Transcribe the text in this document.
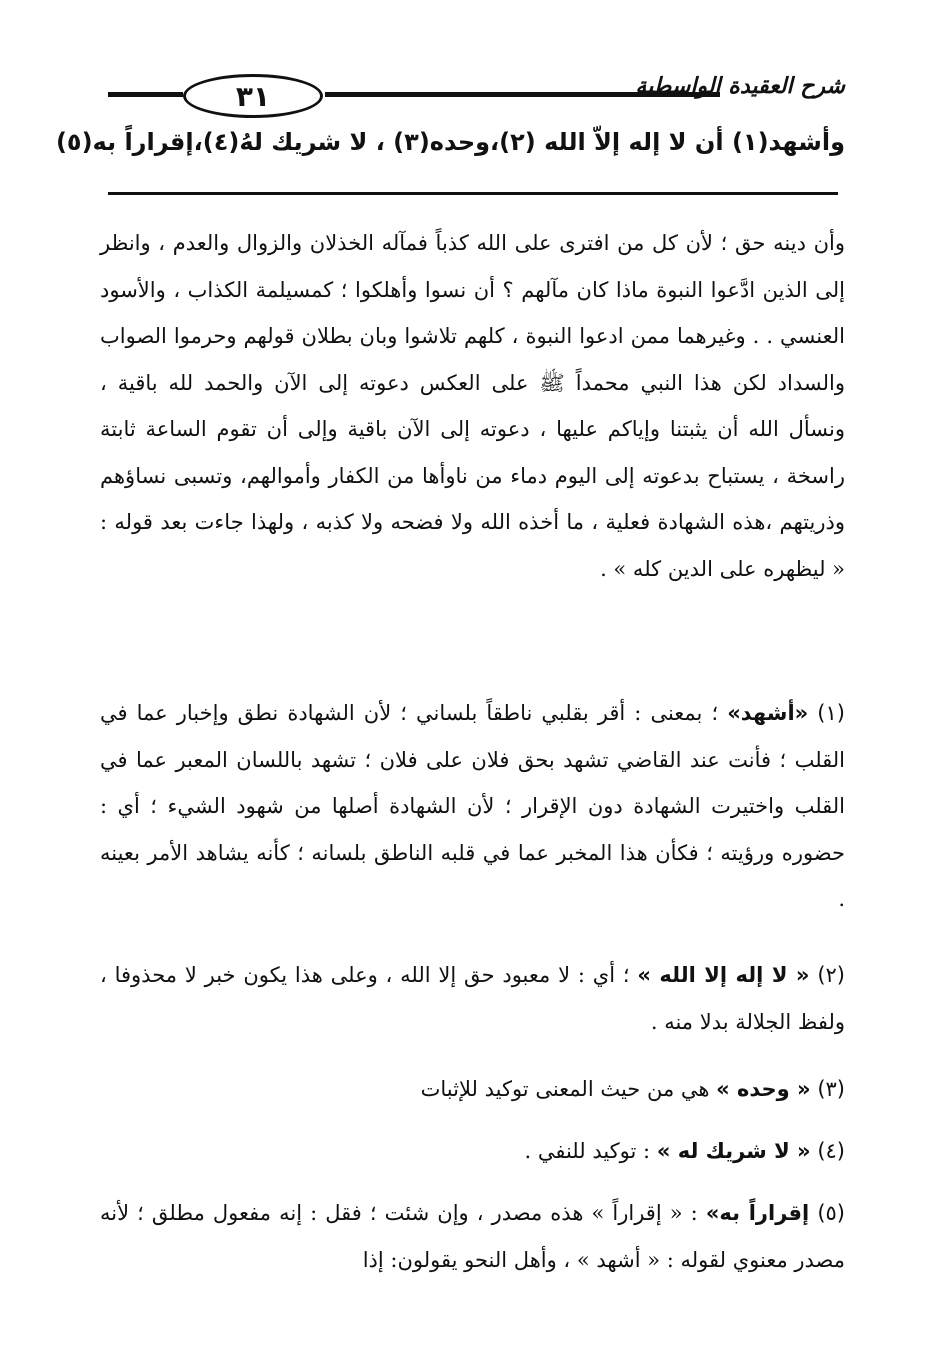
٣١	شرح العقيدة الواسطية
وأشهد(١) أن لا إله إلاّ الله (٢)،وحده(٣) ، لا شريك لهُ(٤)،إقراراً به(٥)
وأن دينه حق ؛ لأن كل من افترى على الله كذباً فمآله الخذلان والزوال والعدم ، وانظر إلى الذين ادَّعوا النبوة ماذا كان مآلهم ؟ أن نسوا وأهلكوا ؛ كمسيلمة الكذاب ، والأسود العنسي . . وغيرهما ممن ادعوا النبوة ، كلهم تلاشوا وبان بطلان قولهم وحرموا الصواب والسداد لكن هذا النبي محمداً ﷺ على العكس دعوته إلى الآن والحمد لله باقية ، ونسأل الله أن يثبتنا وإياكم عليها ، دعوته إلى الآن باقية وإلى أن تقوم الساعة ثابتة راسخة ، يستباح بدعوته إلى اليوم دماء من ناوأها من الكفار وأموالهم، وتسبى نساؤهم وذريتهم ،هذه الشهادة فعلية ، ما أخذه الله ولا فضحه ولا كذبه ، ولهذا جاءت بعد قوله : « ليظهره على الدين كله » .
(١) «أشهد» ؛ بمعنى : أقر بقلبي ناطقاً بلساني ؛ لأن الشهادة نطق وإخبار عما في القلب ؛ فأنت عند القاضي تشهد بحق فلان على فلان ؛ تشهد باللسان المعبر عما في القلب واختيرت الشهادة دون الإقرار ؛ لأن الشهادة أصلها من شهود الشيء ؛ أي : حضوره ورؤيته ؛ فكأن هذا المخبر عما في قلبه الناطق بلسانه ؛ كأنه يشاهد الأمر بعينه .
(٢) « لا إله إلا الله » ؛ أي : لا معبود حق إلا الله ، وعلى هذا يكون خبر لا محذوفا ، ولفظ الجلالة بدلا منه .
(٣) « وحده » هي من حيث المعنى توكيد للإثبات
(٤) « لا شريك له » : توكيد للنفي .
(٥) إقراراً به» : « إقراراً » هذه مصدر ، وإن شئت ؛ فقل : إنه مفعول مطلق ؛ لأنه مصدر معنوي لقوله : « أشهد » ، وأهل النحو يقولون: إذا
